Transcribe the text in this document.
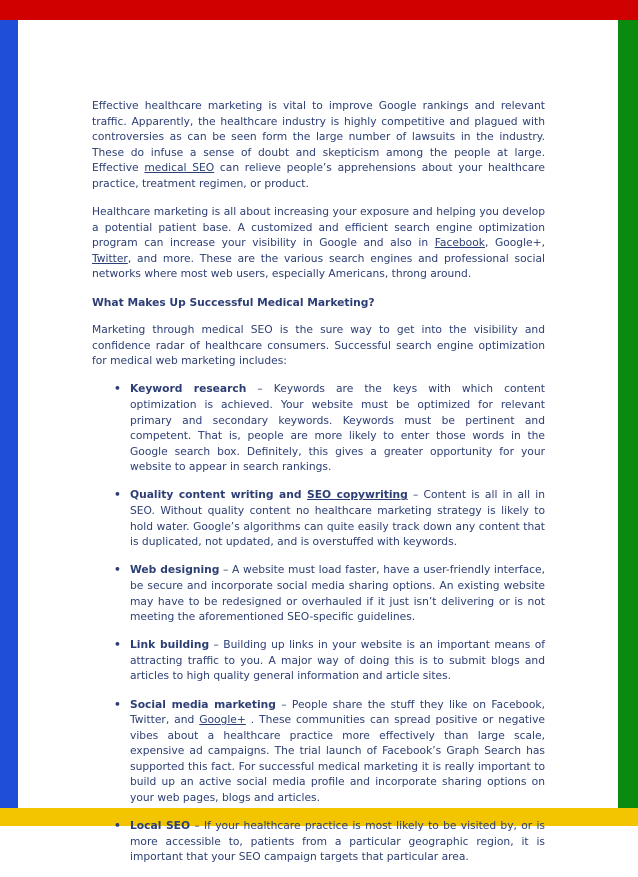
Effective healthcare marketing is vital to improve Google rankings and relevant traffic. Apparently, the healthcare industry is highly competitive and plagued with controversies as can be seen form the large number of lawsuits in the industry. These do infuse a sense of doubt and skepticism among the people at large. Effective medical SEO can relieve people’s apprehensions about your healthcare practice, treatment regimen, or product.

Healthcare marketing is all about increasing your exposure and helping you develop a potential patient base. A customized and efficient search engine optimization program can increase your visibility in Google and also in Facebook, Google+, Twitter, and more. These are the various search engines and professional social networks where most web users, especially Americans, throng around.

What Makes Up Successful Medical Marketing?

Marketing through medical SEO is the sure way to get into the visibility and confidence radar of healthcare consumers. Successful search engine optimization for medical web marketing includes:

• Keyword research – Keywords are the keys with which content optimization is achieved. Your website must be optimized for relevant primary and secondary keywords. Keywords must be pertinent and competent. That is, people are more likely to enter those words in the Google search box. Definitely, this gives a greater opportunity for your website to appear in search rankings.
• Quality content writing and SEO copywriting – Content is all in all in SEO. Without quality content no healthcare marketing strategy is likely to hold water. Google’s algorithms can quite easily track down any content that is duplicated, not updated, and is overstuffed with keywords.
• Web designing – A website must load faster, have a user-friendly interface, be secure and incorporate social media sharing options. An existing website may have to be redesigned or overhauled if it just isn’t delivering or is not meeting the aforementioned SEO-specific guidelines.
• Link building – Building up links in your website is an important means of attracting traffic to you. A major way of doing this is to submit blogs and articles to high quality general information and article sites.
• Social media marketing – People share the stuff they like on Facebook, Twitter, and Google+ . These communities can spread positive or negative vibes about a healthcare practice more effectively than large scale, expensive ad campaigns. The trial launch of Facebook’s Graph Search has supported this fact. For successful medical marketing it is really important to build up an active social media profile and incorporate sharing options on your web pages, blogs and articles.
• Local SEO – If your healthcare practice is most likely to be visited by, or is more accessible to, patients from a particular geographic region, it is important that your SEO campaign targets that particular area.
